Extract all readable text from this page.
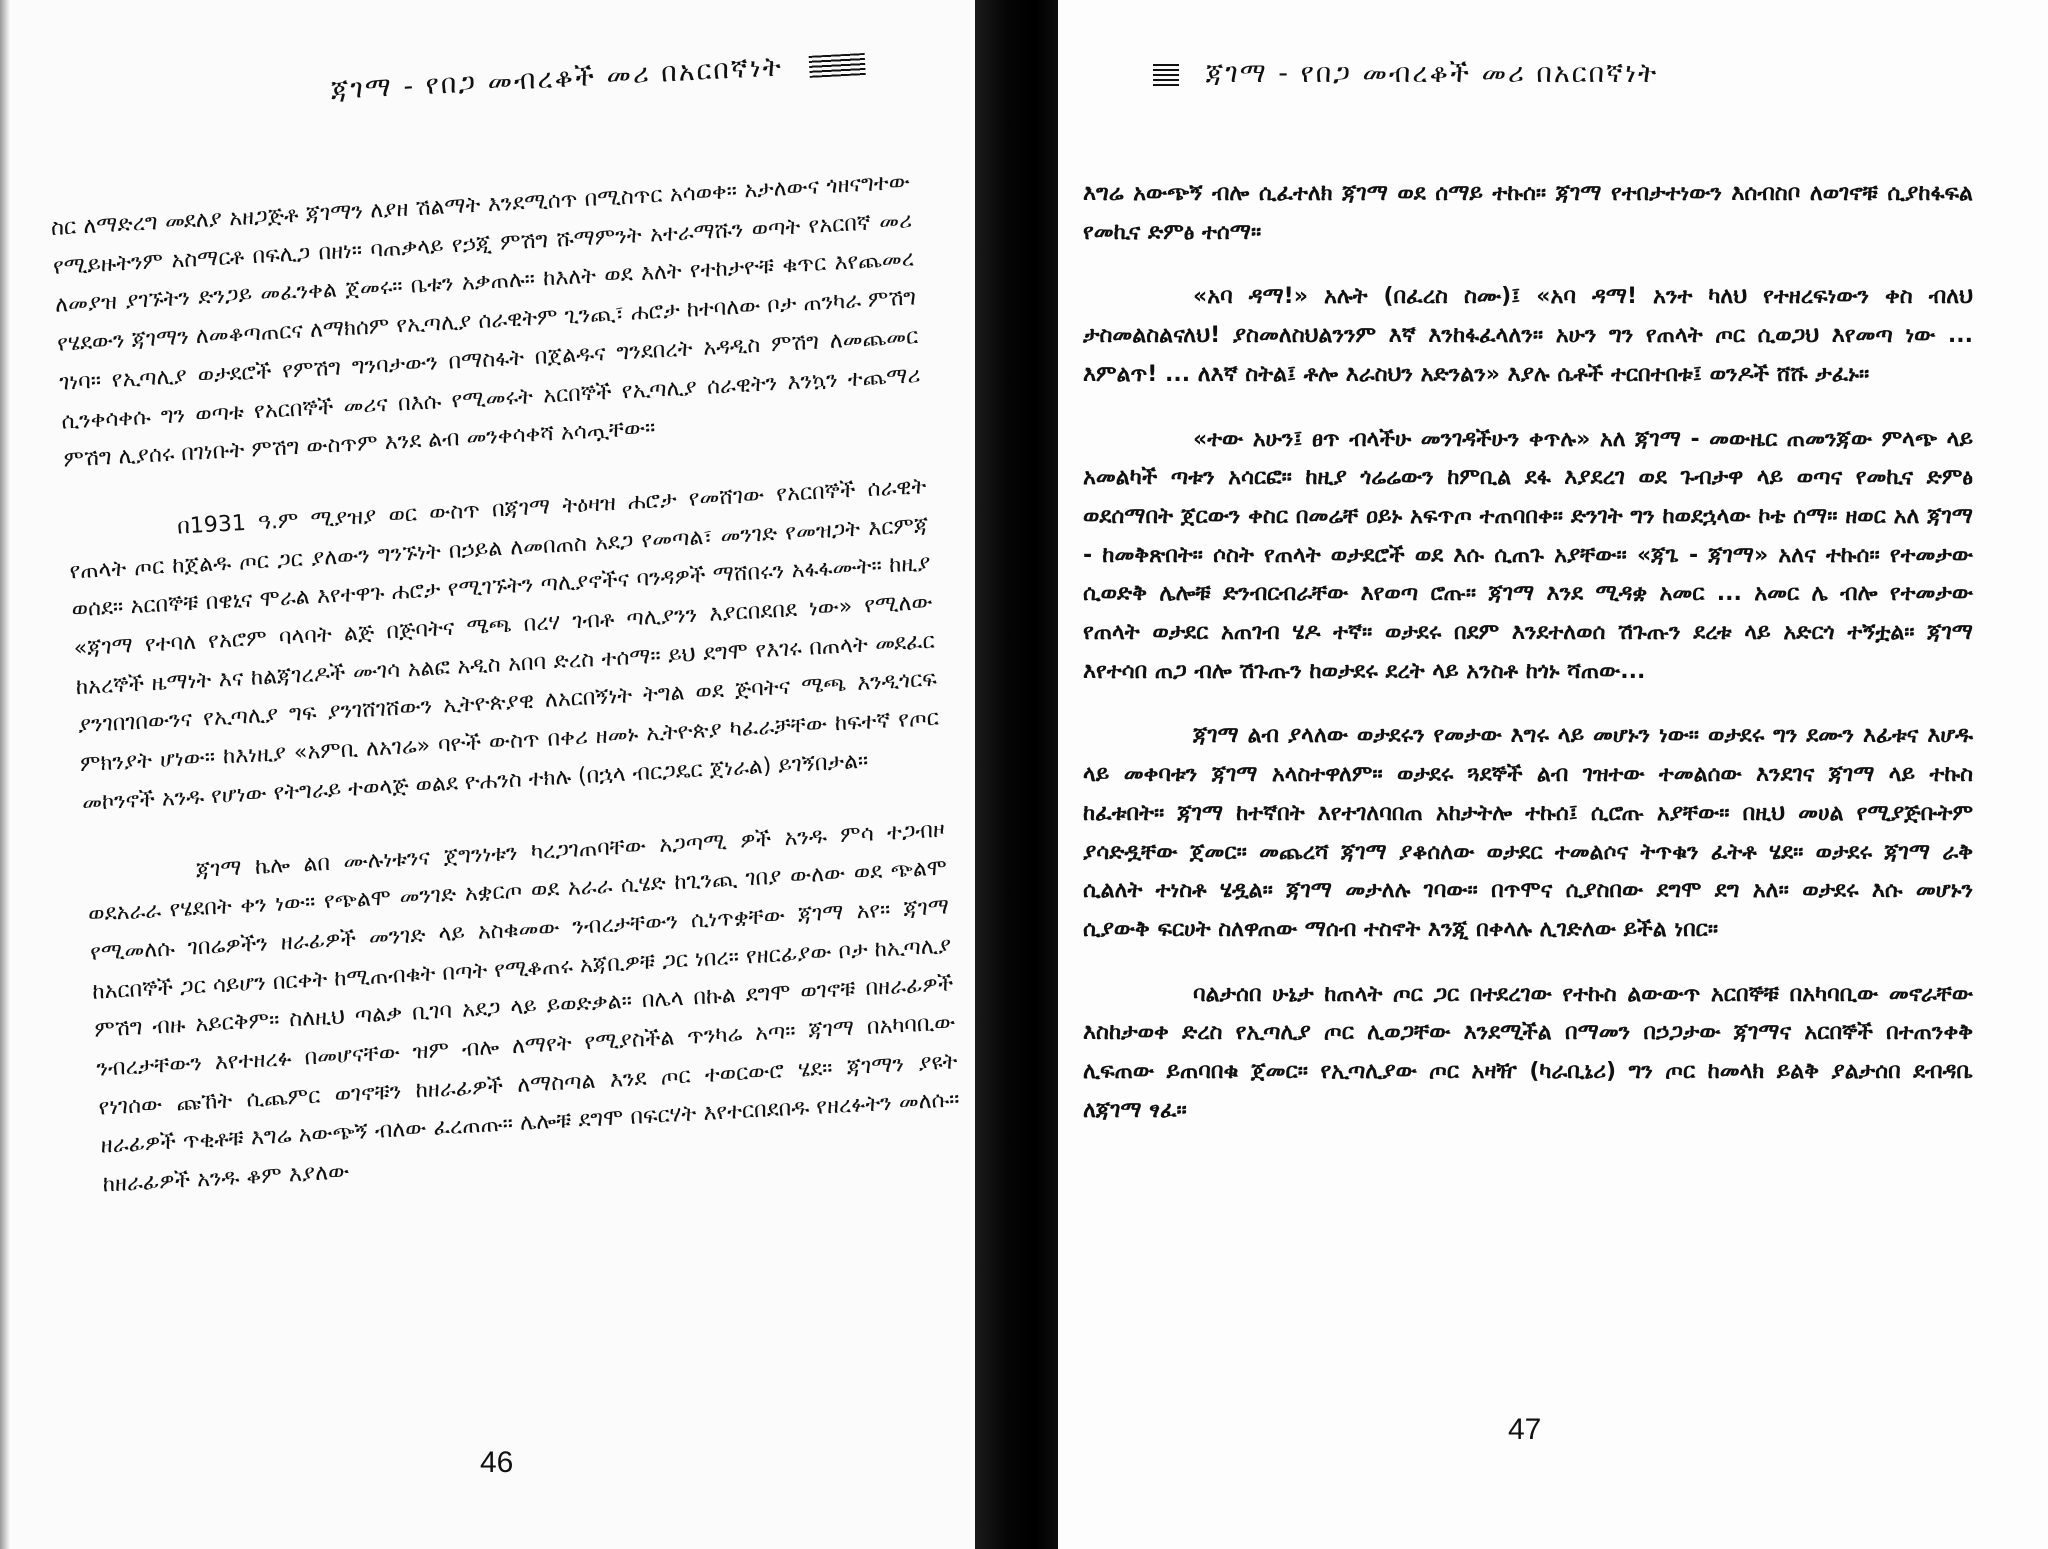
ጃገማ - የበጋ መብረቆች መሪ በአርበኛነት

ስር ለማድረግ መደለያ አዘጋጅቶ ጃገማን ለያዘ ሽልማት እንደሚሰጥ በሚስጥር አሳወቀ። አታለውና ጎዘናግተው የሚይዙትንም አስማርቶ በፍሊጋ በዘነ። ባጠቃላይ የኃጂ ምሽግ ሹማምንት አተራማሹን ወጣት የአርበኛ መሪ ለመያዝ ያገኙትን ድንጋይ መፈንቀል ጀመሩ። ቤቱን አቃጠሉ። ከእለት ወደ እለት የተከታዮቹ ቁጥር እየጨመረ የሄደውን ጃገማን ለመቆጣጠርና ለማክሰም የኢጣሊያ ሰራዊትም ጊንጪ፣ ሐሮታ ከተባለው ቦታ ጠንካራ ምሽግ ገነባ። የኢጣሊያ ወታደሮች የምሽግ ግንባታውን በማስፋት በጀልዱና ግንደበረት አዳዲስ ምሽግ ለመጨመር ሲንቀሳቀሱ ግን ወጣቱ የአርበኞች መሪና በእሱ የሚመሩት አርበኞች የኢጣሊያ ሰራዊትን እንኳን ተጨማሪ ምሽግ ሊያሰሩ በገነቡት ምሽግ ውስጥም እንደ ልብ መንቀሳቀሻ አሳጧቸው።

በ1931 ዓ.ም ሚያዝያ ወር ውስጥ በጃገማ ትዕዛዝ ሐሮታ የመሸገው የአርበኞች ሰራዊት የጠላት ጦር ከጀልዱ ጦር ጋር ያለውን ግንኙነት በኃይል ለመበጠስ አደጋ የመጣል፣ መንገድ የመዝጋት እርምጃ ወሰደ። አርበኞቹ በዌኒና ሞራል እየተዋጉ ሐሮታ የሚገኙትን ጣሊያኖችና ባንዳዎች ማሸበሩን አፋፋሙት። ከዚያ «ጃገማ የተባለ የአሮም ባላባት ልጅ በጅባትና ሜጫ በረሃ ገብቶ ጣሊያንን እያርበደበደ ነው» የሚለው ከአረኞች ዜማነት እና ከልጃገረዶች ሙገሳ አልፎ አዲስ አበባ ድረስ ተሰማ። ይህ ደግሞ የእገሩ በጠላት መደፈር ያንገበገበውንና የኢጣሊያ ግፍ ያንገሸገሸውን ኢትዮጵያዊ ለአርበኝነት ትግል ወደ ጅባትና ሜጫ እንዲጎርፍ ምክንያት ሆነው። ከእነዚያ «አምቢ ለአገሬ» ባዮች ውስጥ በቀሪ ዘመኑ ኢትዮጵያ ካፈራቻቸው ከፍተኛ የጦር መኮንኖች አንዱ የሆነው የትግራይ ተወላጅ ወልደ ዮሐንስ ተክሉ (በኋላ ብርጋዴር ጀነራል) ይገኝበታል።

ጃገማ ኬሎ ልበ ሙሉነቱንና ጀግንነቱን ካረጋገጠባቸው አጋጣሚ ዎች አንዱ ምሳ ተጋብዞ ወደአራራ የሄደበት ቀን ነው። የጭልሞ መንገድ አቋርጦ ወደ አራራ ሲሄድ ከጊንጪ ገበያ ውለው ወደ ጭልሞ የሚመለሱ ገበሬዎችን ዘራፊዎች መንገድ ላይ አስቁመው ንብረታቸውን ሲነጥቋቸው ጃገማ አየ። ጃገማ ከአርበኞች ጋር ሳይሆን በርቀት ከሚጠብቁት በጣት የሚቆጠሩ አጃቢዎቹ ጋር ነበረ። የዘርፊያው ቦታ ከኢጣሊያ ምሽግ ብዙ አይርቅም። ስለዚህ ጣልቃ ቢገባ አደጋ ላይ ይወድቃል። በሌላ በኩል ደግሞ ወገኖቹ በዘራፊዎች ንብረታቸውን እየተዘረፉ በመሆናቸው ዝም ብሎ ለማየት የሚያስችል ጥንካሬ አጣ። ጃገማ በአካባቢው የነገሰው ጩኸት ሲጨምር ወገኖቹን ከዘራፊዎች ለማስጣል እንደ ጦር ተወርውሮ ሄደ። ጃገማን ያዩት ዘራፊዎች ጥቂቶቹ እግሬ አውጭኝ ብለው ፈረጠጡ። ሌሎቹ ደግሞ በፍርሃት እየተርበደበዱ የዘረፉትን መለሱ። ከዘራፊዎች አንዱ ቆም እያለው

46
ጃገማ - የበጋ መብረቆች መሪ በአርበኛነት

እግሬ አውጭኝ ብሎ ሲፈተለክ ጃገማ ወደ ሰማይ ተኩሰ። ጃገማ የተበታተነውን እሰብስቦ ለወገኖቹ ሲያከፋፍል የመኪና ድምፅ ተሰማ።

«አባ ዳማ!» አሉት (በፈረስ ስሙ)፤ «አባ ዳማ! አንተ ካለህ የተዘረፍነውን ቀስ ብለህ ታስመልስልናለህ! ያስመለስህልንንም እኛ እንከፋፈላለን። አሁን ግን የጠላት ጦር ሲወጋህ እየመጣ ነው ... እምልጥ! ... ለእኛ ስትል፤ ቶሎ እራስህን አድንልን» እያሉ ሴቶች ተርበተበቱ፤ ወንዶች ሸሹ ታፈኑ።

«ተው አሁን፤ ፀጥ ብላችሁ መንገዳችሁን ቀጥሉ» አለ ጃገማ - መውዜር ጠመንጃው ምላጭ ላይ አመልካች ጣቱን አሳርፎ። ከዚያ ጎሬሬውን ከምቢል ደፋ እያደረገ ወደ ጉብታዋ ላይ ወጣና የመኪና ድምፅ ወደሰማበት ጀርውን ቀስር በመሬቸ ዐይኑ አፍጥጦ ተጠባበቀ። ድንገት ግን ከወደኋላው ኮቴ ሰማ። ዘወር አለ ጃገማ - ከመቅጽበት። ሶስት የጠላት ወታደሮች ወደ እሱ ሲጠጉ አያቸው። «ጃጌ - ጃገማ» አለና ተኩሰ። የተመታው ሲወድቅ ሌሎቹ ድንብርብራቸው እየወጣ ሮጡ። ጃገማ እንደ ሚዳቋ አመር ... አመር ሌ ብሎ የተመታው የጠላት ወታደር አጠገብ ሄዶ ተኛ። ወታደሩ በደም እንደተለወሰ ሽጉጡን ደረቱ ላይ አድርጎ ተኝቷል። ጃገማ እየተሳበ ጠጋ ብሎ ሽጉጡን ከወታደሩ ደረት ላይ አንስቶ ከጎኑ ሻጠው...

ጃገማ ልብ ያላለው ወታደሩን የመታው እግሩ ላይ መሆኑን ነው። ወታደሩ ግን ደሙን እፊቱና እሆዱ ላይ መቀባቱን ጃገማ አላስተዋለም። ወታደሩ ጓደኞች ልብ ገዝተው ተመልሰው እንደገና ጃገማ ላይ ተኩስ ከፈቱበት። ጃገማ ከተኛበት እየተገለባበጠ አከታትሎ ተኩሰ፤ ሲሮጡ አያቸው። በዚህ መሀል የሚያጅቡትም ያሳድዷቸው ጀመር። መጨረሻ ጃገማ ያቆሰለው ወታደር ተመልሶና ትጥቁን ፈትቶ ሄደ። ወታደሩ ጃገማ ራቅ ሲልለት ተነስቶ ሄዷል። ጃገማ መታለሉ ገባው። በጥሞና ሲያስበው ደግሞ ደግ አለ። ወታደሩ እሱ መሆኑን ሲያውቅ ፍርሀት ስለዋጠው ማሰብ ተስኖት እንጂ በቀላሉ ሊገድለው ይችል ነበር።

ባልታሰበ ሁኔታ ከጠላት ጦር ጋር በተደረገው የተኩስ ልውውጥ አርበኞቹ በአካባቢው መኖራቸው እስከታወቀ ድረስ የኢጣሊያ ጦር ሊወጋቸው እንደሚችል በማመን በኃጋታው ጃገማና አርበኞች በተጠንቀቅ ሊፍጠው ይጠባበቁ ጀመር። የኢጣሊያው ጦር አዛዥ (ካራቢኔሪ) ግን ጦር ከመላክ ይልቅ ያልታሰበ ደብዳቤ ለጃገማ ፃፈ።

47
